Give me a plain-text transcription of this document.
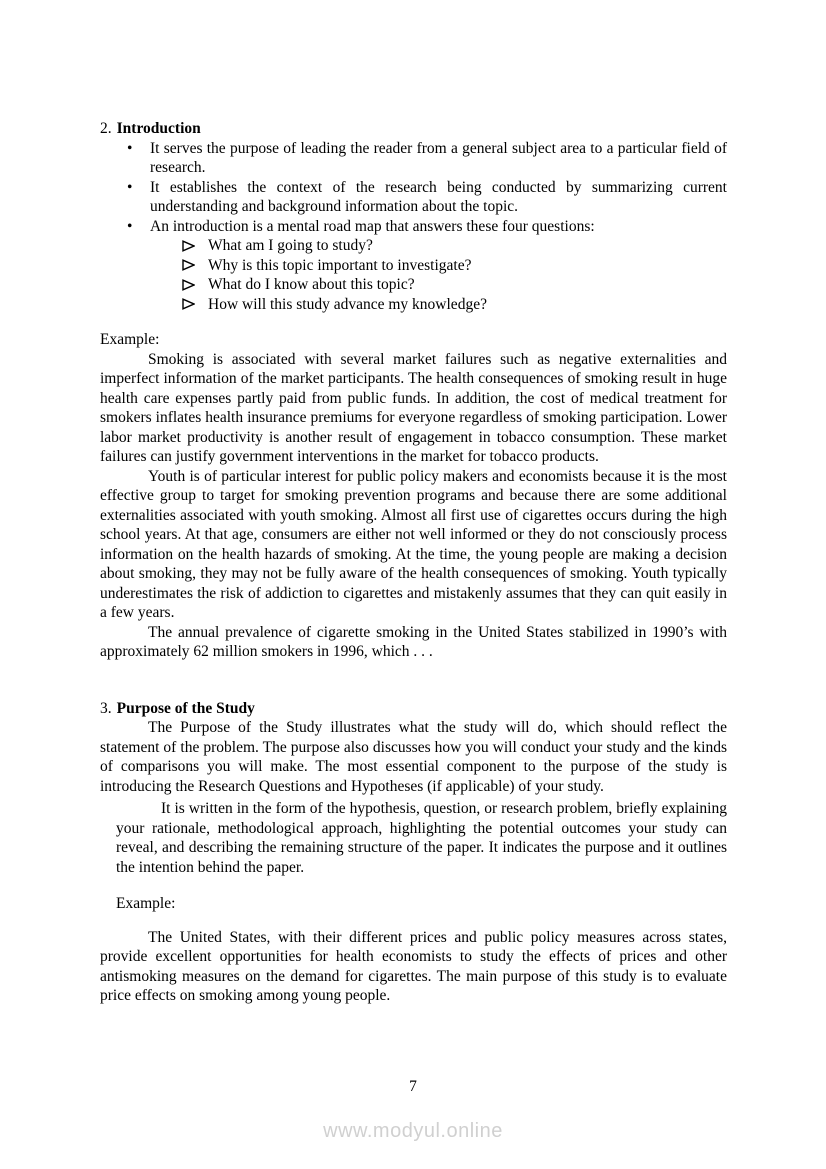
2. Introduction
• It serves the purpose of leading the reader from a general subject area to a particular field of research.
• It establishes the context of the research being conducted by summarizing current understanding and background information about the topic.
• An introduction is a mental road map that answers these four questions:
What am I going to study?
Why is this topic important to investigate?
What do I know about this topic?
How will this study advance my knowledge?

Example:

Smoking is associated with several market failures such as negative externalities and imperfect information of the market participants. The health consequences of smoking result in huge health care expenses partly paid from public funds. In addition, the cost of medical treatment for smokers inflates health insurance premiums for everyone regardless of smoking participation. Lower labor market productivity is another result of engagement in tobacco consumption. These market failures can justify government interventions in the market for tobacco products.

Youth is of particular interest for public policy makers and economists because it is the most effective group to target for smoking prevention programs and because there are some additional externalities associated with youth smoking. Almost all first use of cigarettes occurs during the high school years. At that age, consumers are either not well informed or they do not consciously process information on the health hazards of smoking. At the time, the young people are making a decision about smoking, they may not be fully aware of the health consequences of smoking. Youth typically underestimates the risk of addiction to cigarettes and mistakenly assumes that they can quit easily in a few years.

The annual prevalence of cigarette smoking in the United States stabilized in 1990’s with approximately 62 million smokers in 1996, which . . .

3. Purpose of the Study

The Purpose of the Study illustrates what the study will do, which should reflect the statement of the problem. The purpose also discusses how you will conduct your study and the kinds of comparisons you will make. The most essential component to the purpose of the study is introducing the Research Questions and Hypotheses (if applicable) of your study.

It is written in the form of the hypothesis, question, or research problem, briefly explaining your rationale, methodological approach, highlighting the potential outcomes your study can reveal, and describing the remaining structure of the paper. It indicates the purpose and it outlines the intention behind the paper.

Example:

The United States, with their different prices and public policy measures across states, provide excellent opportunities for health economists to study the effects of prices and other antismoking measures on the demand for cigarettes. The main purpose of this study is to evaluate price effects on smoking among young people.

7
www.modyul.online
